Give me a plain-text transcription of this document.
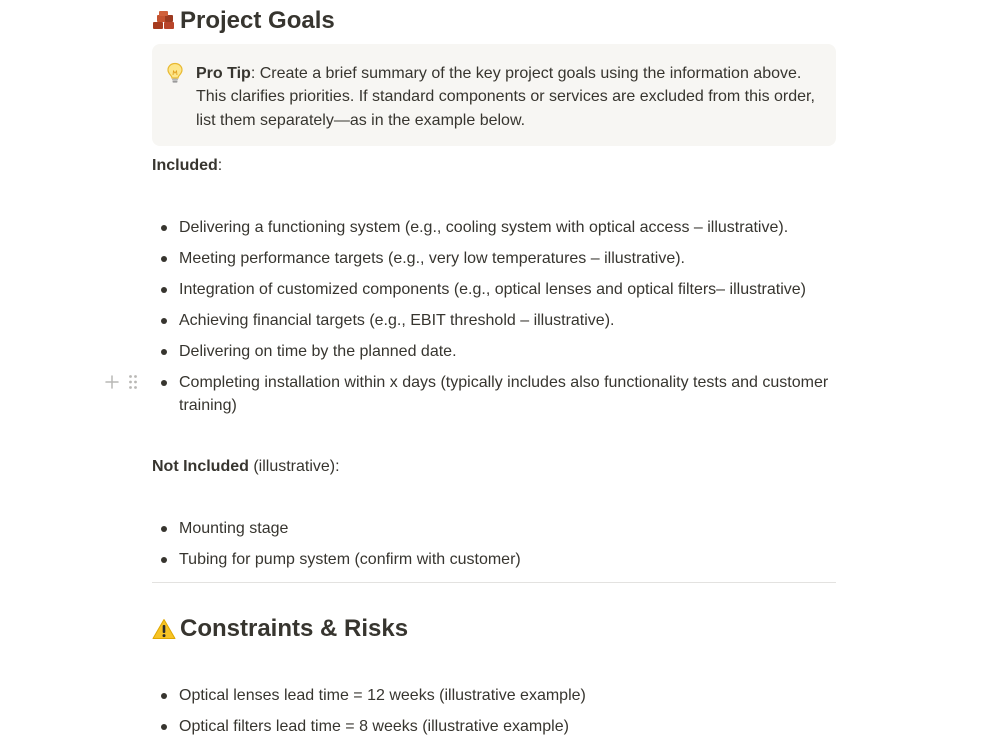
Project Goals
Pro Tip: Create a brief summary of the key project goals using the information above. This clarifies priorities. If standard components or services are excluded from this order, list them separately—as in the example below.
Included:
Delivering a functioning system (e.g., cooling system with optical access – illustrative).
Meeting performance targets (e.g., very low temperatures – illustrative).
Integration of customized components (e.g., optical lenses and optical filters– illustrative)
Achieving financial targets (e.g., EBIT threshold – illustrative).
Delivering on time by the planned date.
Completing installation within x days (typically includes also functionality tests and customer training)
Not Included (illustrative):
Mounting stage
Tubing for pump system (confirm with customer)
Constraints & Risks
Optical lenses lead time = 12 weeks (illustrative example)
Optical filters lead time = 8 weeks (illustrative example)
